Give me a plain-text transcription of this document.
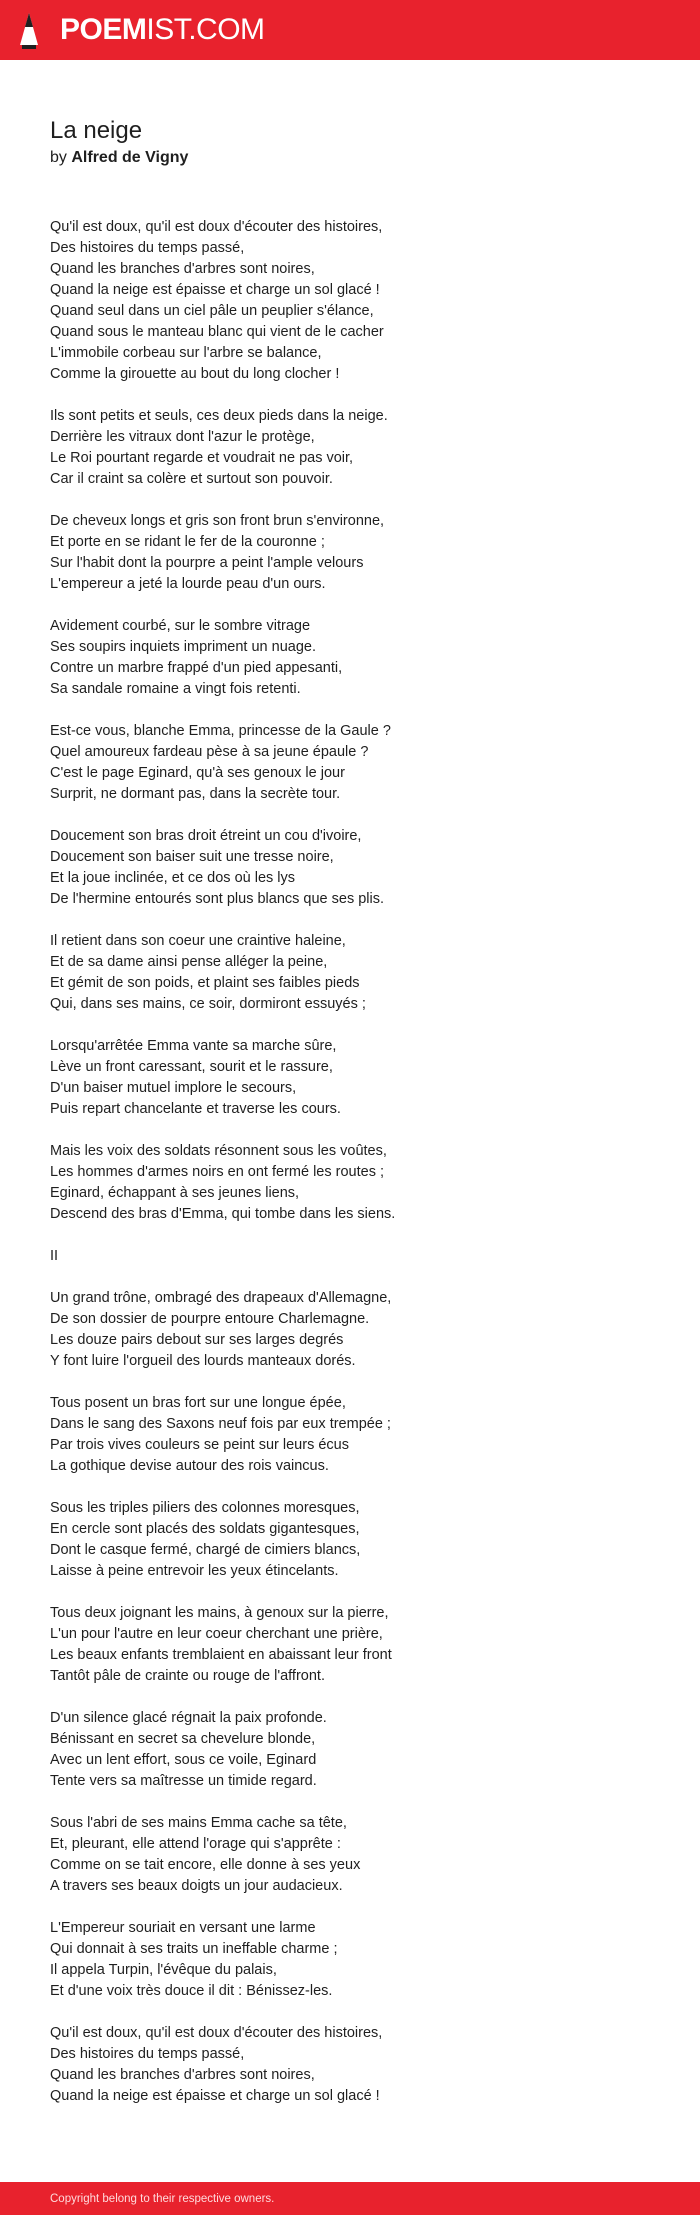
POEMIST.COM
La neige
by Alfred de Vigny
Qu'il est doux, qu'il est doux d'écouter des histoires,
Des histoires du temps passé,
Quand les branches d'arbres sont noires,
Quand la neige est épaisse et charge un sol glacé !
Quand seul dans un ciel pâle un peuplier s'élance,
Quand sous le manteau blanc qui vient de le cacher
L'immobile corbeau sur l'arbre se balance,
Comme la girouette au bout du long clocher !
Ils sont petits et seuls, ces deux pieds dans la neige.
Derrière les vitraux dont l'azur le protège,
Le Roi pourtant regarde et voudrait ne pas voir,
Car il craint sa colère et surtout son pouvoir.
De cheveux longs et gris son front brun s'environne,
Et porte en se ridant le fer de la couronne ;
Sur l'habit dont la pourpre a peint l'ample velours
L'empereur a jeté la lourde peau d'un ours.
Avidement courbé, sur le sombre vitrage
Ses soupirs inquiets impriment un nuage.
Contre un marbre frappé d'un pied appesanti,
Sa sandale romaine a vingt fois retenti.
Est-ce vous, blanche Emma, princesse de la Gaule ?
Quel amoureux fardeau pèse à sa jeune épaule ?
C'est le page Eginard, qu'à ses genoux le jour
Surprit, ne dormant pas, dans la secrète tour.
Doucement son bras droit étreint un cou d'ivoire,
Doucement son baiser suit une tresse noire,
Et la joue inclinée, et ce dos où les lys
De l'hermine entourés sont plus blancs que ses plis.
Il retient dans son coeur une craintive haleine,
Et de sa dame ainsi pense alléger la peine,
Et gémit de son poids, et plaint ses faibles pieds
Qui, dans ses mains, ce soir, dormiront essuyés ;
Lorsqu'arrêtée Emma vante sa marche sûre,
Lève un front caressant, sourit et le rassure,
D'un baiser mutuel implore le secours,
Puis repart chancelante et traverse les cours.
Mais les voix des soldats résonnent sous les voûtes,
Les hommes d'armes noirs en ont fermé les routes ;
Eginard, échappant à ses jeunes liens,
Descend des bras d'Emma, qui tombe dans les siens.
II
Un grand trône, ombragé des drapeaux d'Allemagne,
De son dossier de pourpre entoure Charlemagne.
Les douze pairs debout sur ses larges degrés
Y font luire l'orgueil des lourds manteaux dorés.
Tous posent un bras fort sur une longue épée,
Dans le sang des Saxons neuf fois par eux trempée ;
Par trois vives couleurs se peint sur leurs écus
La gothique devise autour des rois vaincus.
Sous les triples piliers des colonnes moresques,
En cercle sont placés des soldats gigantesques,
Dont le casque fermé, chargé de cimiers blancs,
Laisse à peine entrevoir les yeux étincelants.
Tous deux joignant les mains, à genoux sur la pierre,
L'un pour l'autre en leur coeur cherchant une prière,
Les beaux enfants tremblaient en abaissant leur front
Tantôt pâle de crainte ou rouge de l'affront.
D'un silence glacé régnait la paix profonde.
Bénissant en secret sa chevelure blonde,
Avec un lent effort, sous ce voile, Eginard
Tente vers sa maîtresse un timide regard.
Sous l'abri de ses mains Emma cache sa tête,
Et, pleurant, elle attend l'orage qui s'apprête :
Comme on se tait encore, elle donne à ses yeux
A travers ses beaux doigts un jour audacieux.
L'Empereur souriait en versant une larme
Qui donnait à ses traits un ineffable charme ;
Il appela Turpin, l'évêque du palais,
Et d'une voix très douce il dit : Bénissez-les.
Qu'il est doux, qu'il est doux d'écouter des histoires,
Des histoires du temps passé,
Quand les branches d'arbres sont noires,
Quand la neige est épaisse et charge un sol glacé !
Copyright belong to their respective owners.
